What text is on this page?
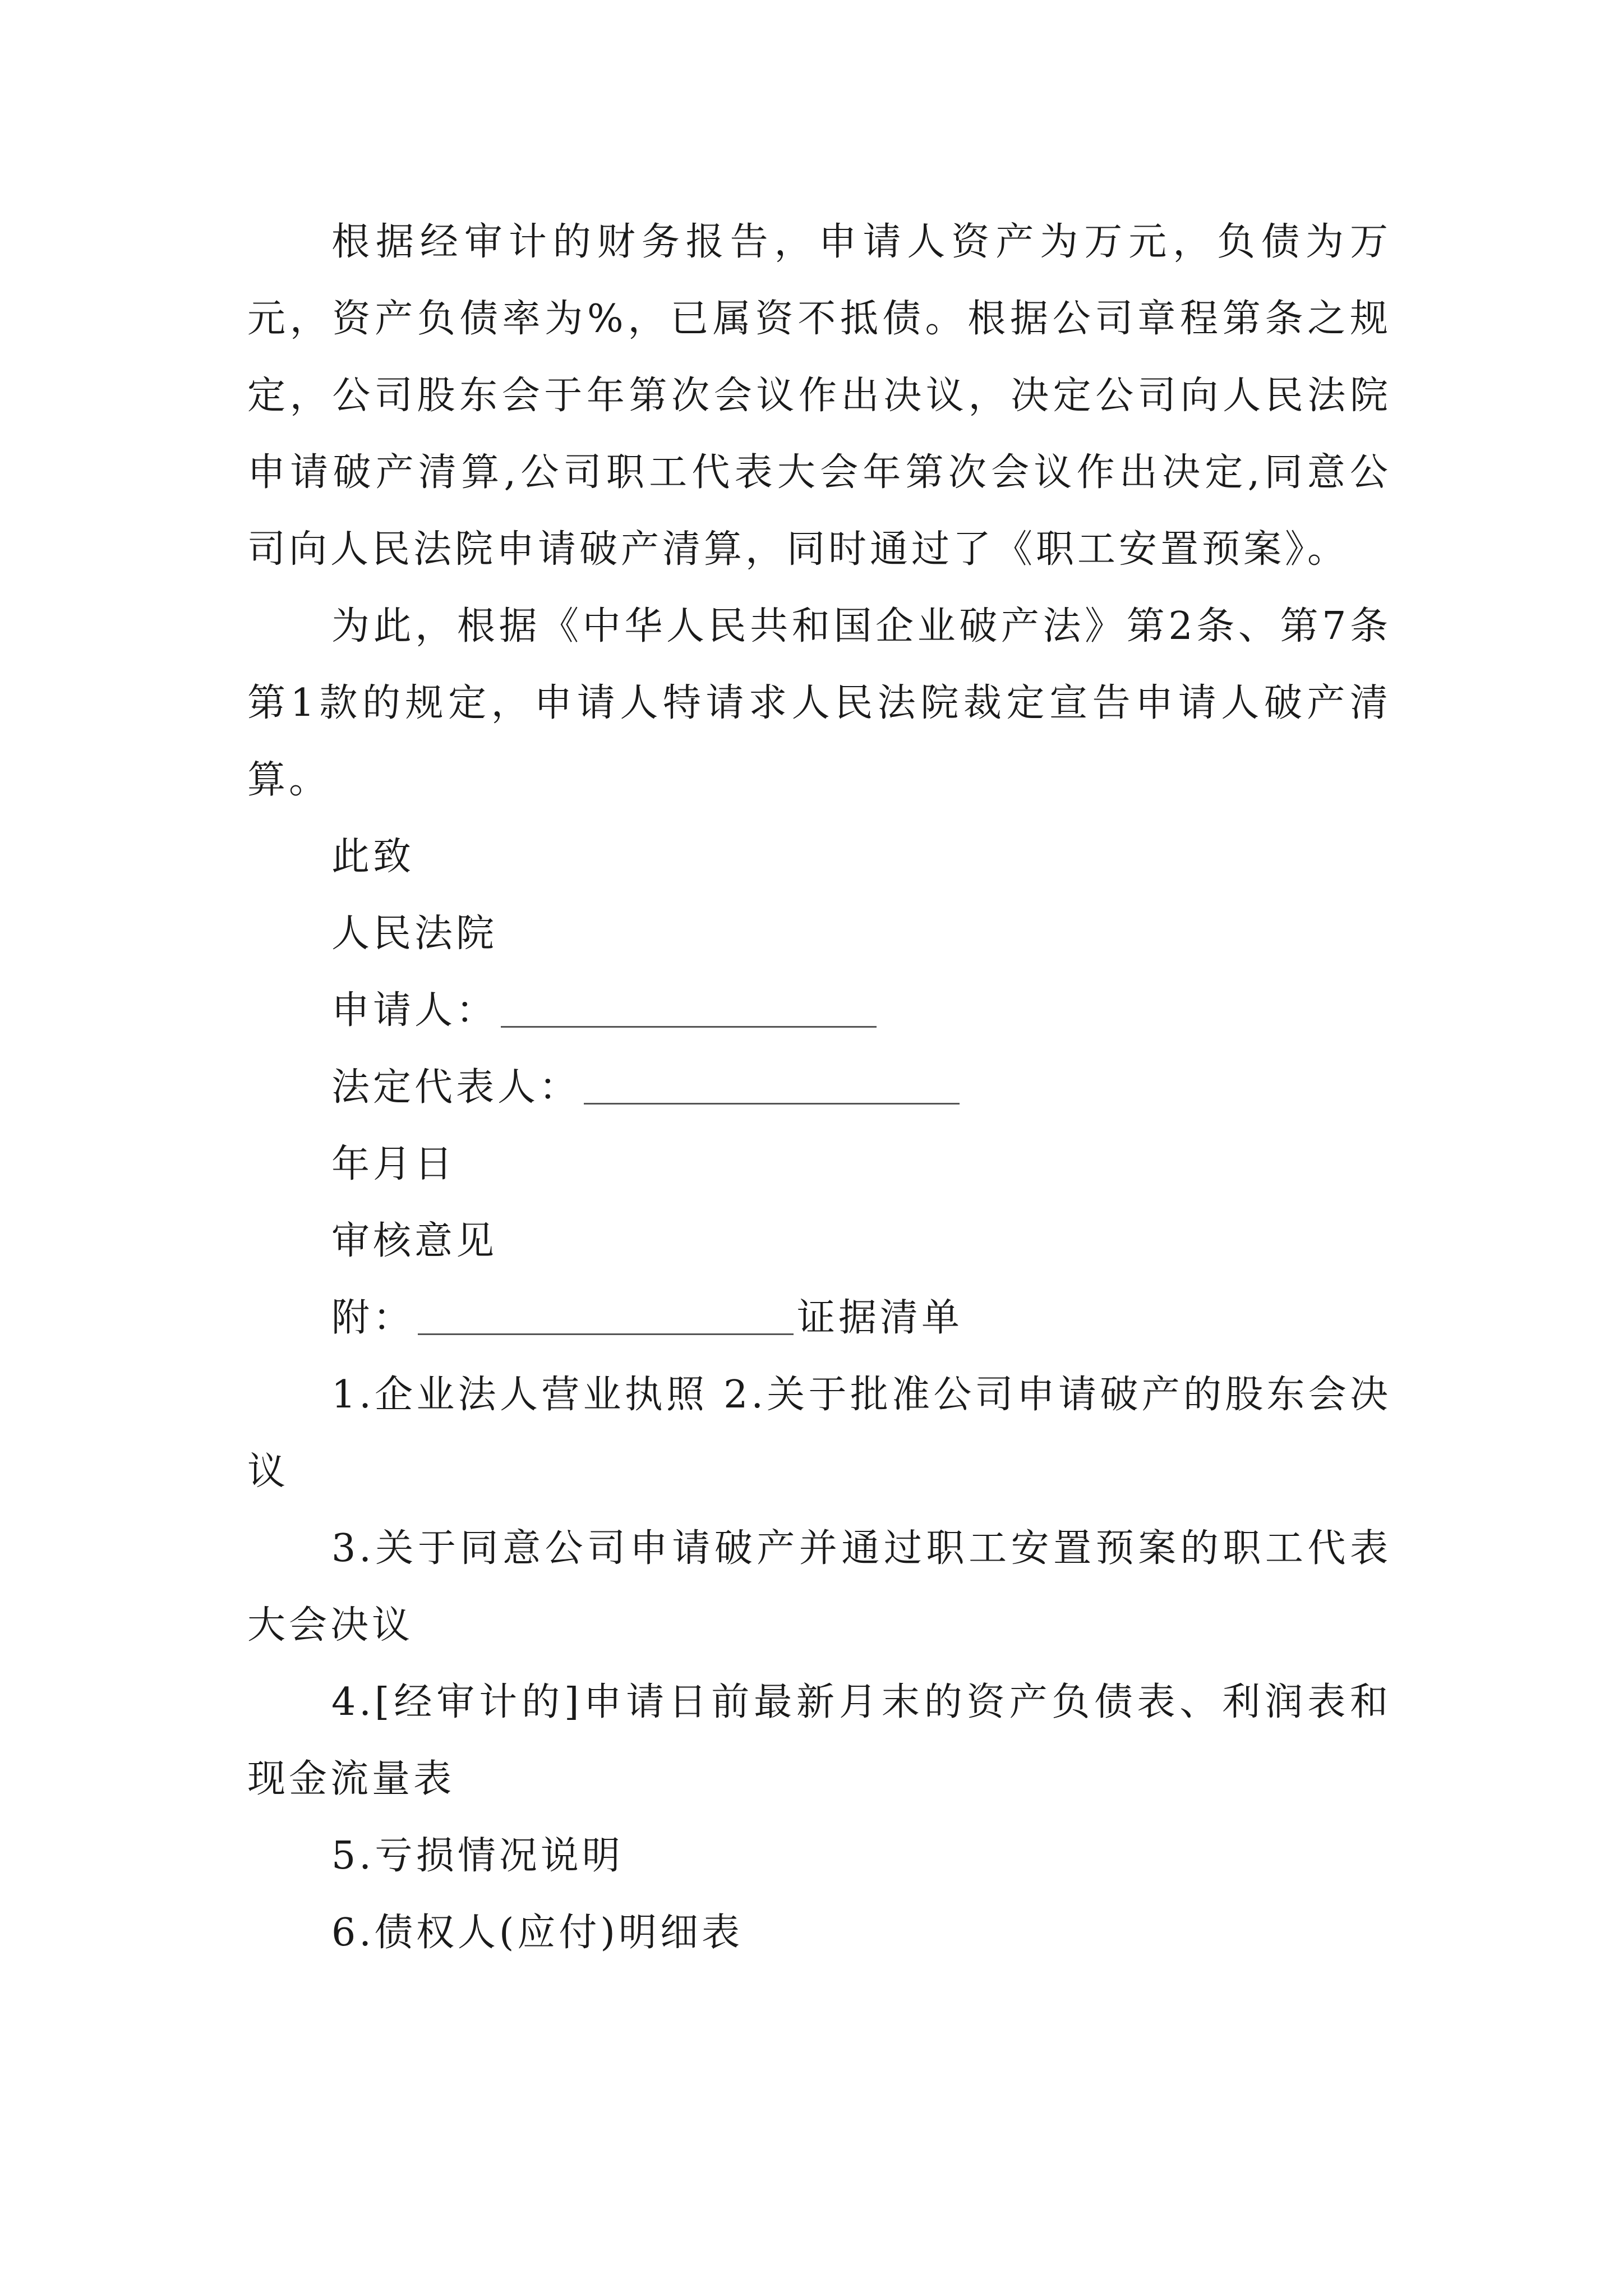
根据经审计的财务报告，申请人资产为万元，负债为万元，资产负债率为%，已属资不抵债。根据公司章程第条之规定，公司股东会于年第次会议作出决议，决定公司向人民法院申请破产清算,公司职工代表大会年第次会议作出决定,同意公司向人民法院申请破产清算，同时通过了《职工安置预案》。

为此，根据《中华人民共和国企业破产法》第2条、第7条第1款的规定，申请人特请求人民法院裁定宣告申请人破产清算。

此致

人民法院

申请人：

法定代表人：

年月日

审核意见

附：	证据清单

1.企业法人营业执照 2.关于批准公司申请破产的股东会决议

3.关于同意公司申请破产并通过职工安置预案的职工代表大会决议

4.[经审计的]申请日前最新月末的资产负债表、利润表和现金流量表

5.亏损情况说明

6.债权人(应付)明细表
